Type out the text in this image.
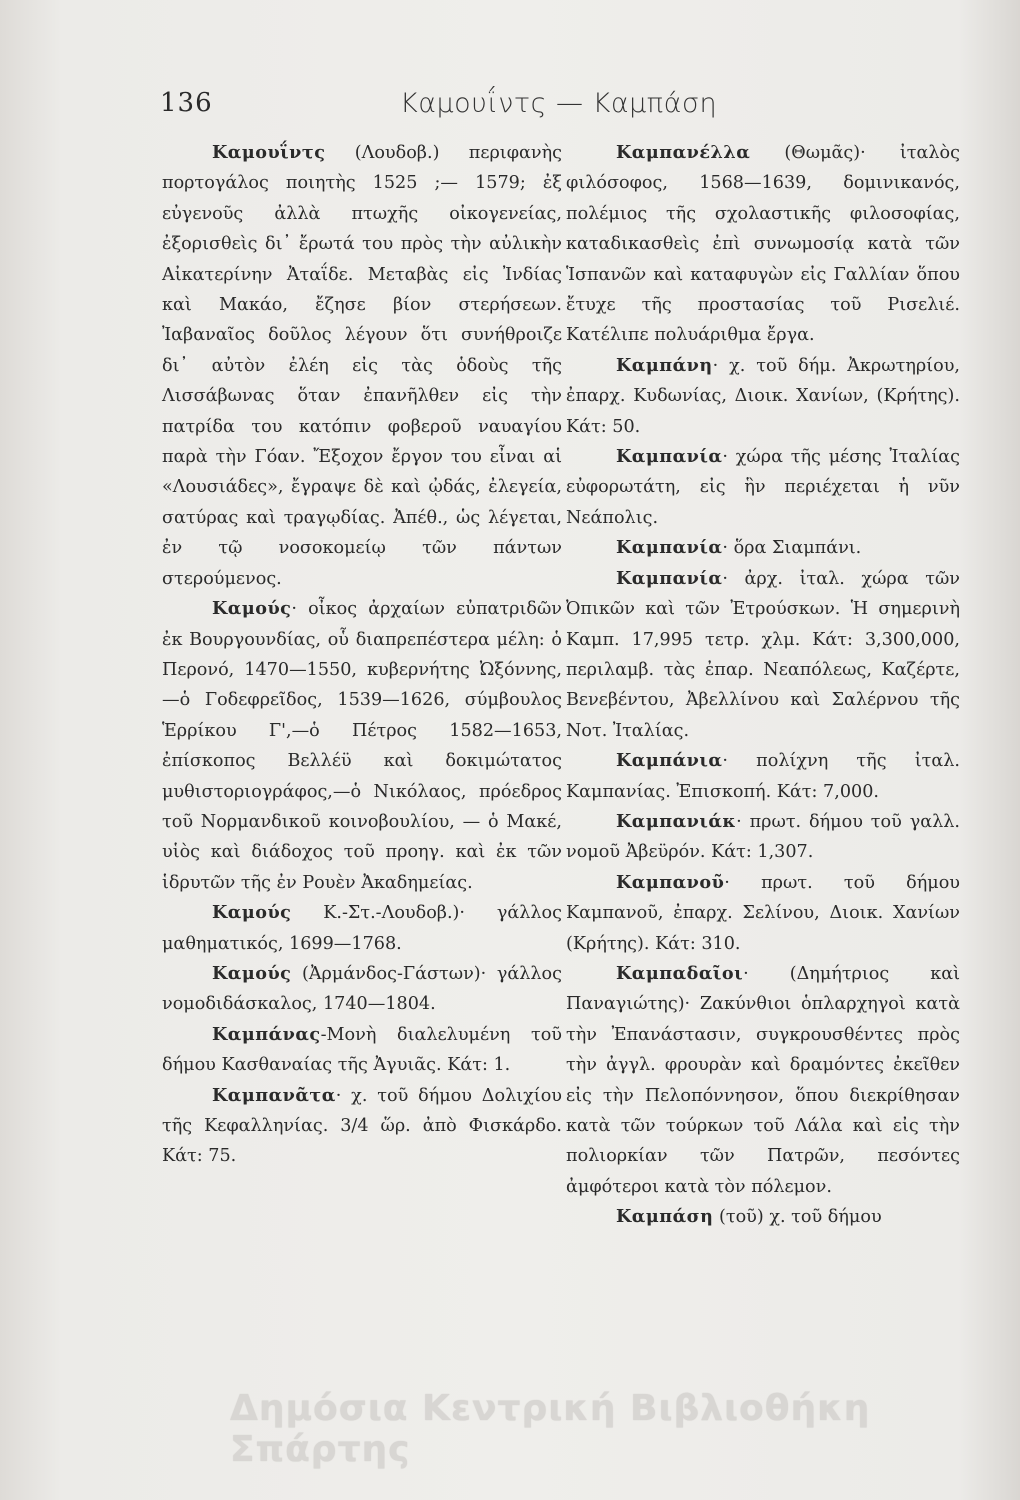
136	Καμουΐντς — Καμπάση

Καμουΐντς (Λουδοβ.) περιφανὴς πορτογάλος ποιητὴς 1525 ;— 1579; ἐξ εὐγενοῦς ἀλλὰ πτωχῆς οἰκογενείας, ἐξορισθεὶς δι᾽ ἔρωτά του πρὸς τὴν αὐλικὴν Αἰκατερίνην Ἀταΐδε. Μεταβὰς εἰς Ἰνδίας καὶ Μακάο, ἔζησε βίον στερήσεων. Ἰαβαναῖος δοῦλος λέγουν ὅτι συνήθροιζε δι᾽ αὐτὸν ἐλέη εἰς τὰς ὁδοὺς τῆς Λισσάβωνας ὅταν ἐπανῆλθεν εἰς τὴν πατρίδα του κατόπιν φοβεροῦ ναυαγίου παρὰ τὴν Γόαν. Ἔξοχον ἔργον του εἶναι αἱ «Λουσιάδες», ἔγραψε δὲ καὶ ᾠδάς, ἐλεγεία, σατύρας καὶ τραγῳδίας. Ἀπέθ., ὡς λέγεται, ἐν τῷ νοσοκομείῳ τῶν πάντων στερούμενος.

Καμούς· οἶκος ἀρχαίων εὐπατριδῶν ἐκ Βουργουνδίας, οὗ διαπρεπέστερα μέλη: ὁ Περονό, 1470—1550, κυβερνήτης Ὠξόννης,—ὁ Γοδεφρεῖδος, 1539—1626, σύμβουλος Ἑρρίκου Γ',—ὁ Πέτρος 1582—1653, ἐπίσκοπος Βελλέϋ καὶ δοκιμώτατος μυθιστοριογράφος,—ὁ Νικόλαος, πρόεδρος τοῦ Νορμανδικοῦ κοινοβουλίου, — ὁ Μακέ, υἱὸς καὶ διάδοχος τοῦ προηγ. καὶ ἐκ τῶν ἱδρυτῶν τῆς ἐν Ρουὲν Ἀκαδημείας.

Καμούς Κ.-Στ.-Λουδοβ.)· γάλλος μαθηματικός, 1699—1768.

Καμούς (Ἀρμάνδος-Γάστων)· γάλλος νομοδιδάσκαλος, 1740—1804.

Καμπάνας-Μονὴ διαλελυμένη τοῦ δήμου Κασθαναίας τῆς Ἀγυιᾶς. Κάτ: 1.

Καμπανᾶτα· χ. τοῦ δήμου Δολιχίου τῆς Κεφαλληνίας. 3/4 ὥρ. ἀπὸ Φισκάρδο. Κάτ: 75.

Καμπανέλλα (Θωμᾶς)· ἰταλὸς φιλόσοφος, 1568—1639, δομινικανός, πολέμιος τῆς σχολαστικῆς φιλοσοφίας, καταδικασθεὶς ἐπὶ συνωμοσίᾳ κατὰ τῶν Ἱσπανῶν καὶ καταφυγὼν εἰς Γαλλίαν ὅπου ἔτυχε τῆς προστασίας τοῦ Ρισελιέ. Κατέλιπε πολυάριθμα ἔργα.

Καμπάνη· χ. τοῦ δήμ. Ἀκρωτηρίου, ἐπαρχ. Κυδωνίας, Διοικ. Χανίων, (Κρήτης). Κάτ: 50.

Καμπανία· χώρα τῆς μέσης Ἰταλίας εὐφορωτάτη, εἰς ἣν περιέχεται ἡ νῦν Νεάπολις.

Καμπανία· ὅρα Σιαμπάνι.

Καμπανία· ἀρχ. ἰταλ. χώρα τῶν Ὀπικῶν καὶ τῶν Ἐτρούσκων. Ἡ σημερινὴ Καμπ. 17,995 τετρ. χλμ. Κάτ: 3,300,000, περιλαμβ. τὰς ἐπαρ. Νεαπόλεως, Καζέρτε, Βενεβέντου, Ἀβελλίνου καὶ Σαλέρνου τῆς Νοτ. Ἰταλίας.

Καμπάνια· πολίχνη τῆς ἰταλ. Καμπανίας. Ἐπισκοπή. Κάτ: 7,000.

Καμπανιάκ· πρωτ. δήμου τοῦ γαλλ. νομοῦ Ἀβεϋρόν. Κάτ: 1,307.

Καμπανοῦ· πρωτ. τοῦ δήμου Καμπανοῦ, ἐπαρχ. Σελίνου, Διοικ. Χανίων (Κρήτης). Κάτ: 310.

Καμπαδαῖοι· (Δημήτριος καὶ Παναγιώτης)· Ζακύνθιοι ὁπλαρχηγοὶ κατὰ τὴν Ἐπανάστασιν, συγκρουσθέντες πρὸς τὴν ἀγγλ. φρουρὰν καὶ δραμόντες ἐκεῖθεν εἰς τὴν Πελοπόννησον, ὅπου διεκρίθησαν κατὰ τῶν τούρκων τοῦ Λάλα καὶ εἰς τὴν πολιορκίαν τῶν Πατρῶν, πεσόντες ἀμφότεροι κατὰ τὸν πόλεμον.

Καμπάση (τοῦ) χ. τοῦ δήμου

Δημόσια Κεντρική Βιβλιοθήκη Σπάρτης
